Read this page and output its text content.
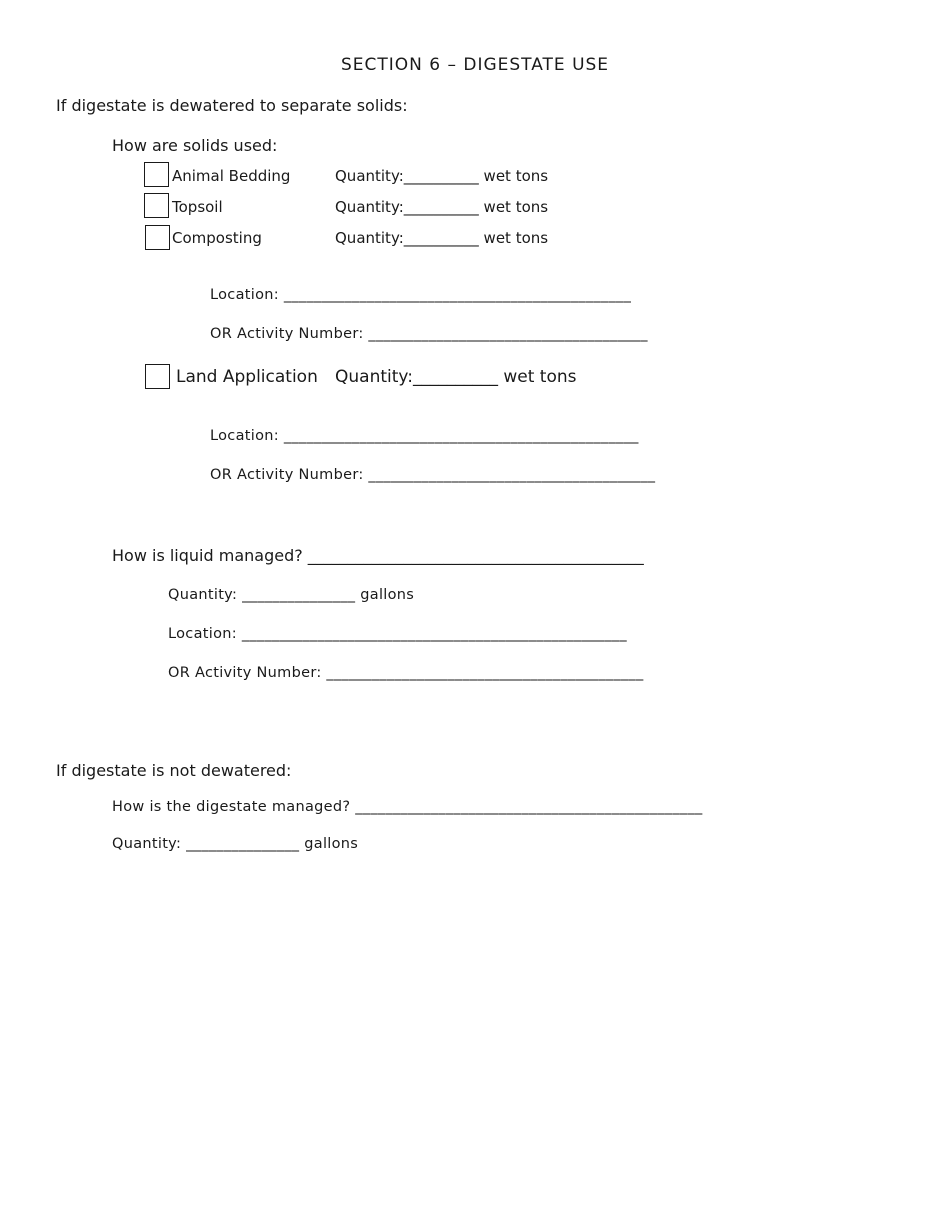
SECTION 6 – DIGESTATE USE
If digestate is dewatered to separate solids:
How are solids used:
Animal Bedding	Quantity:__________ wet tons
Topsoil	Quantity:__________ wet tons
Composting	Quantity:__________ wet tons
Location: ______________________________________________
OR Activity Number: _____________________________________
Land Application Quantity:__________ wet tons
Location: _______________________________________________
OR Activity Number: ______________________________________
How is liquid managed? __________________________________________
Quantity: _______________ gallons
Location: ___________________________________________________
OR Activity Number: __________________________________________
If digestate is not dewatered:
How is the digestate managed? ______________________________________________
Quantity: _______________ gallons
